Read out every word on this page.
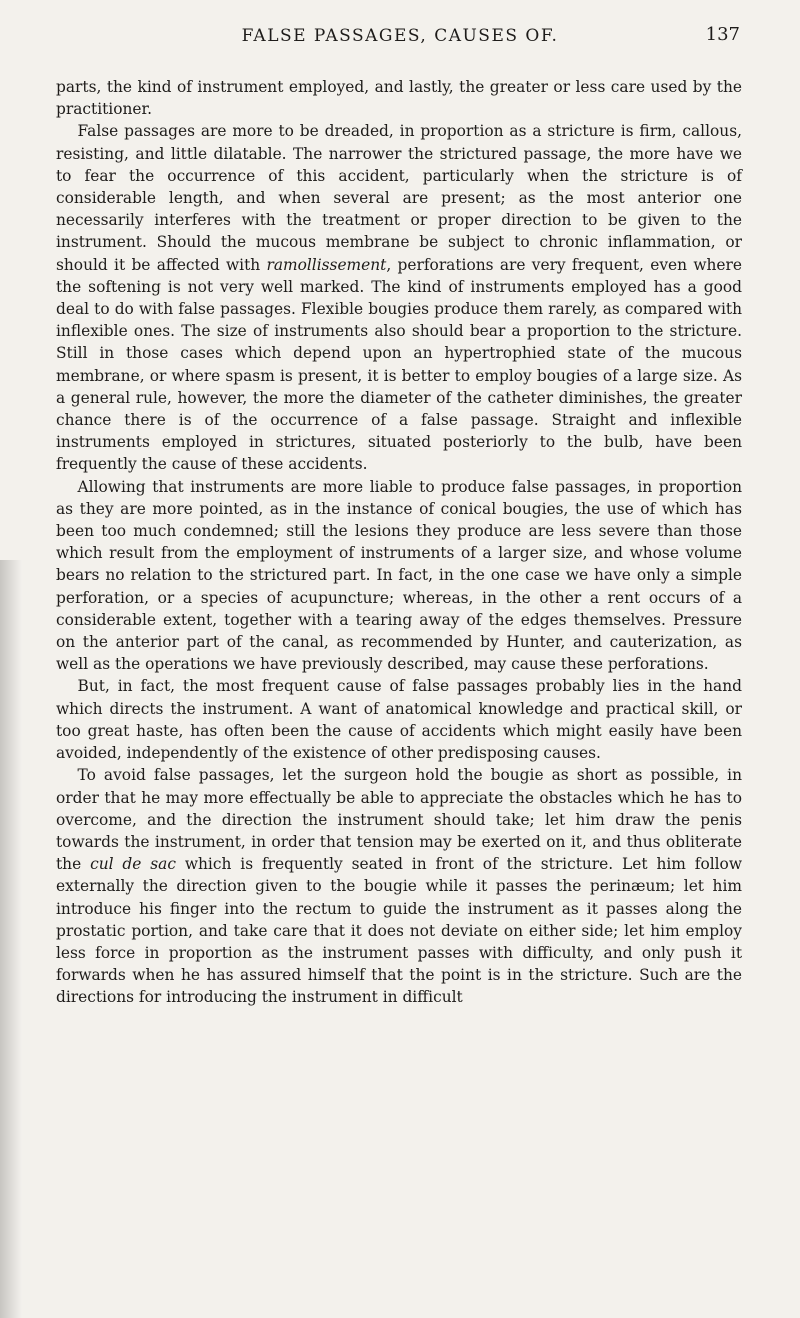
FALSE PASSAGES, CAUSES OF.	137

parts, the kind of instrument employed, and lastly, the greater or less care used by the practitioner.

False passages are more to be dreaded, in proportion as a stricture is firm, callous, resisting, and little dilatable. The narrower the strictured passage, the more have we to fear the occurrence of this accident, particularly when the stricture is of considerable length, and when several are present; as the most anterior one necessarily interferes with the treatment or proper direction to be given to the instrument. Should the mucous membrane be subject to chronic inflammation, or should it be affected with ramollissement, perforations are very frequent, even where the softening is not very well marked. The kind of instruments employed has a good deal to do with false passages. Flexible bougies produce them rarely, as compared with inflexible ones. The size of instruments also should bear a proportion to the stricture. Still in those cases which depend upon an hypertrophied state of the mucous membrane, or where spasm is present, it is better to employ bougies of a large size. As a general rule, however, the more the diameter of the catheter diminishes, the greater chance there is of the occurrence of a false passage. Straight and inflexible instruments employed in strictures, situated posteriorly to the bulb, have been frequently the cause of these accidents.

Allowing that instruments are more liable to produce false passages, in proportion as they are more pointed, as in the instance of conical bougies, the use of which has been too much condemned; still the lesions they produce are less severe than those which result from the employment of instruments of a larger size, and whose volume bears no relation to the strictured part. In fact, in the one case we have only a simple perforation, or a species of acupuncture; whereas, in the other a rent occurs of a considerable extent, together with a tearing away of the edges themselves. Pressure on the anterior part of the canal, as recommended by Hunter, and cauterization, as well as the operations we have previously described, may cause these perforations.

But, in fact, the most frequent cause of false passages probably lies in the hand which directs the instrument. A want of anatomical knowledge and practical skill, or too great haste, has often been the cause of accidents which might easily have been avoided, independently of the existence of other predisposing causes.

To avoid false passages, let the surgeon hold the bougie as short as possible, in order that he may more effectually be able to appreciate the obstacles which he has to overcome, and the direction the instrument should take; let him draw the penis towards the instrument, in order that tension may be exerted on it, and thus obliterate the cul de sac which is frequently seated in front of the stricture. Let him follow externally the direction given to the bougie while it passes the perinæum; let him introduce his finger into the rectum to guide the instrument as it passes along the prostatic portion, and take care that it does not deviate on either side; let him employ less force in proportion as the instrument passes with difficulty, and only push it forwards when he has assured himself that the point is in the stricture. Such are the directions for introducing the instrument in difficult
